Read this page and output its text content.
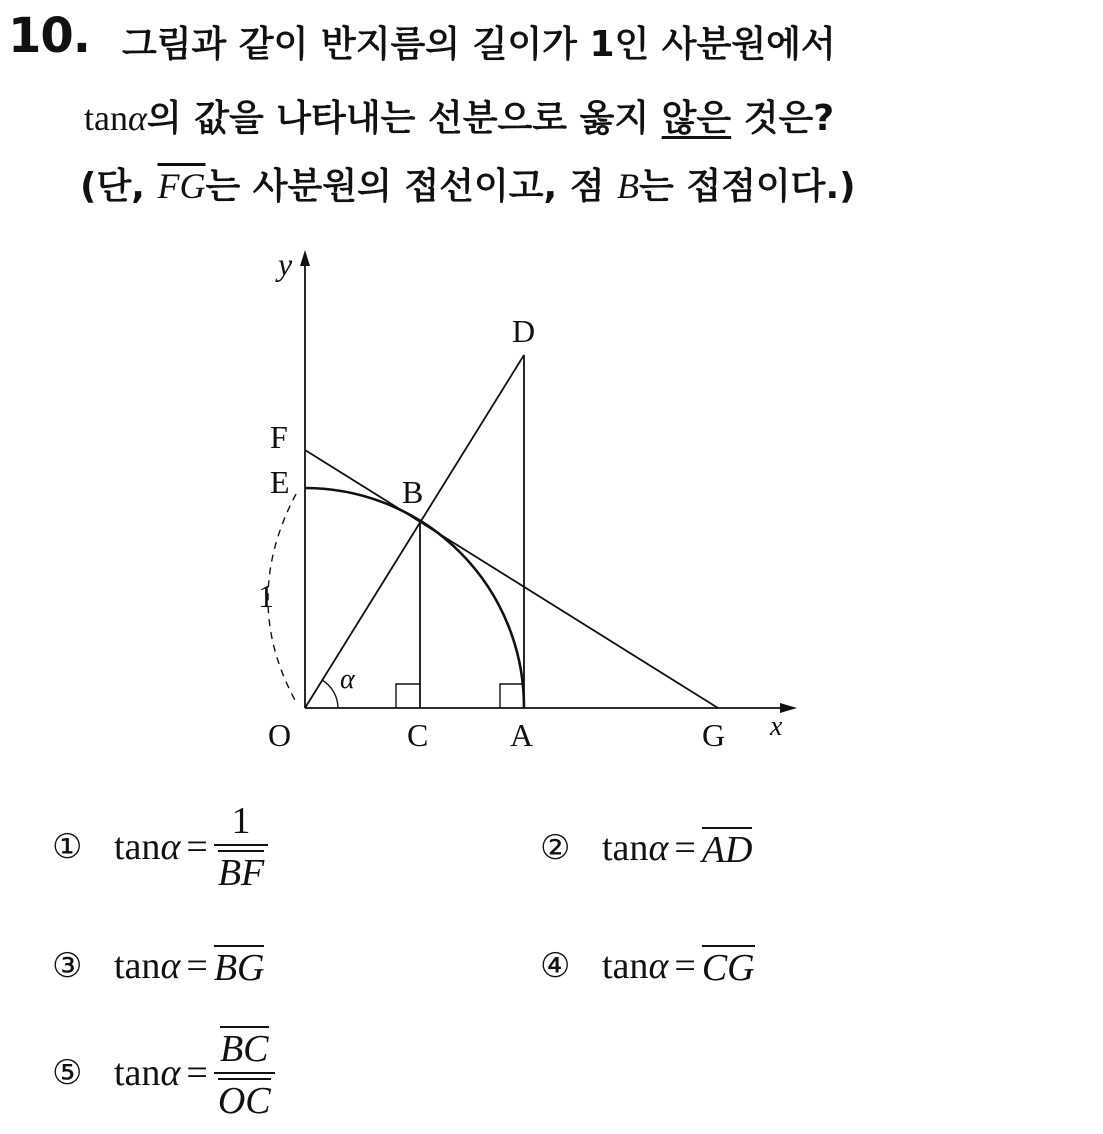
10. 그림과 같이 반지름의 길이가 1인 사분원에서
tanα의 값을 나타내는 선분으로 옳지 않은 것은?
(단, $\overline{FG}$는 사분원의 접선이고, 점 B는 접점이다.)
y
x
O	C	A	G
D
F
E	B
1
α
① $\tan \alpha = \frac{1}{BF}$	② tan α = AD
③ tan α = BG	④ tan α = CG
⑤ $\tan \alpha = \frac{BC}{OC}$
